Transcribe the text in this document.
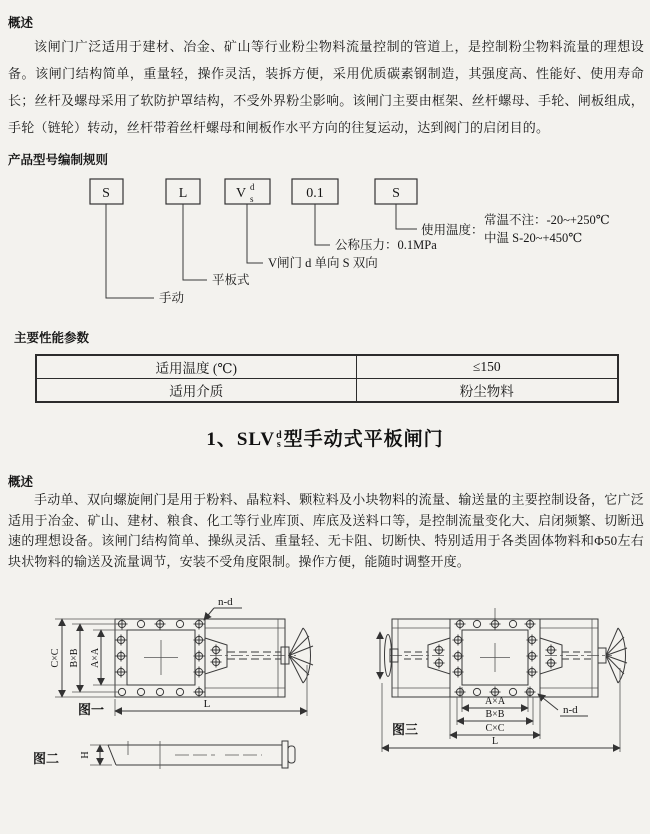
概述
该闸门广泛适用于建材、冶金、矿山等行业粉尘物料流量控制的管道上，是控制粉尘物料流量的理想设备。该闸门结构简单，重量轻，操作灵活，装拆方便，采用优质碳素钢制造，其强度高、性能好、使用寿命长；丝杆及螺母采用了软防护罩结构，不受外界粉尘影响。该闸门主要由框架、丝杆螺母、手轮、闸板组成，手轮（链轮）转动，丝杆带着丝杆螺母和闸板作水平方向的往复运动，达到阀门的启闭目的。
产品型号编制规则
S	L	V d
s	0.1	S
手动
平板式
V闸门 d 单向 S 双向
公称压力：0.1MPa
使用温度：
常温不注：-20~+250℃
中温 S-20~+450℃
主要性能参数
适用温度 (℃)	≤150
适用介质	粉尘物料
1、SLV d
s 型手动式平板闸门
概述
手动单、双向螺旋闸门是用于粉料、晶粒料、颗粒料及小块物料的流量、输送量的主要控制设备，它广泛适用于冶金、矿山、建材、粮食、化工等行业库顶、库底及送料口等，是控制流量变化大、启闭频繁、切断迅速的理想设备。该闸门结构简单、操纵灵活、重量轻、无卡阻、切断快、特别适用于各类固体物料和Φ50左右块状物料的输送及流量调节，安装不受角度限制。操作方便，能随时调整开度。
n-d
C×C B×B A×A
L
图一
图二 H
n-d
A×A
B×B
C×C
L
图三
